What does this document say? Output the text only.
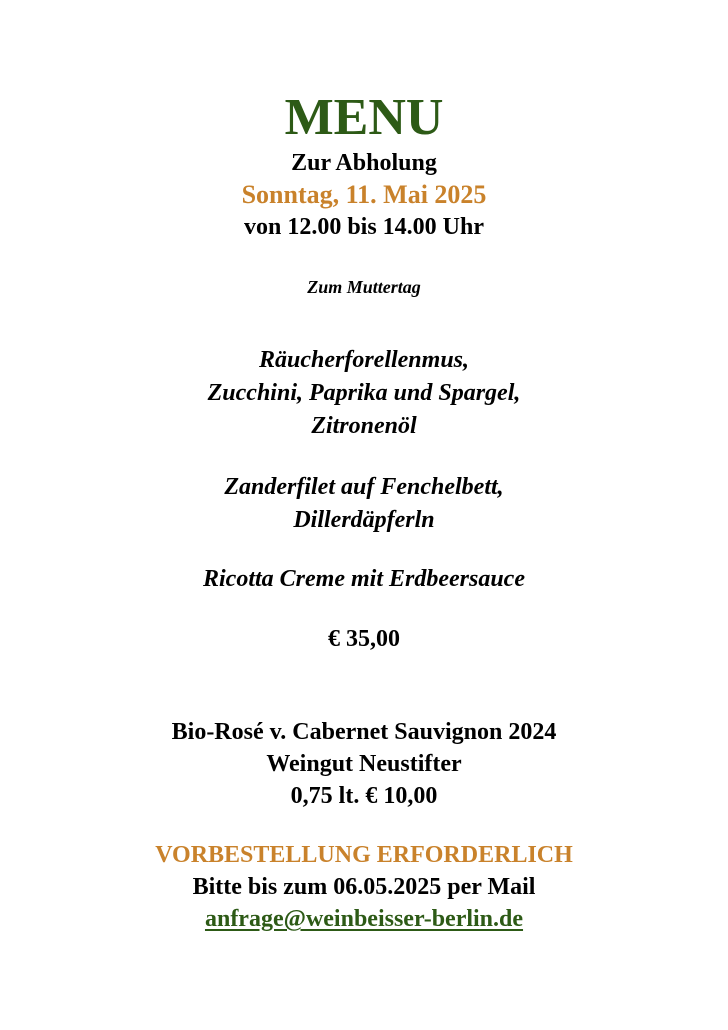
MENU
Zur Abholung
Sonntag, 11. Mai 2025
von 12.00 bis 14.00 Uhr
Zum Muttertag
Räucherforellenmus,
Zucchini, Paprika und Spargel,
Zitronenöl
Zanderfilet auf Fenchelbett,
Dillerdäpferln
Ricotta Creme mit Erdbeersauce
€ 35,00
Bio-Rosé v. Cabernet Sauvignon 2024
Weingut Neustifter
0,75 lt. € 10,00
VORBESTELLUNG ERFORDERLICH
Bitte bis zum 06.05.2025 per Mail
anfrage@weinbeisser-berlin.de
